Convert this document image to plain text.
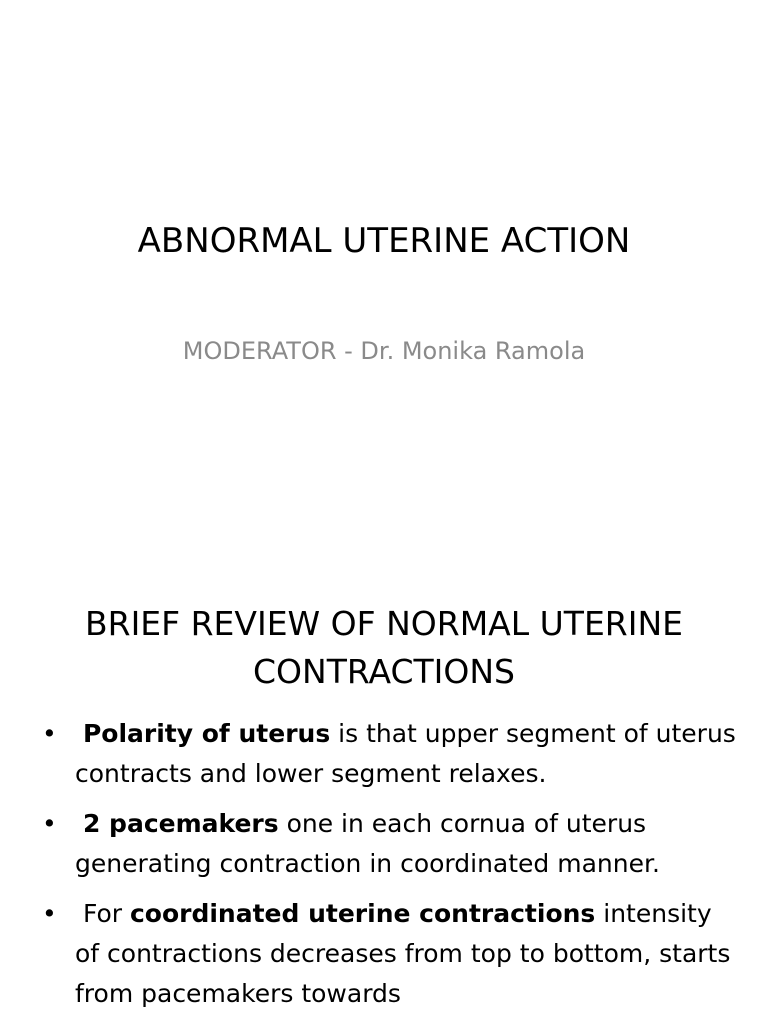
ABNORMAL UTERINE ACTION
MODERATOR - Dr. Monika Ramola
BRIEF REVIEW OF NORMAL UTERINE CONTRACTIONS
• Polarity of uterus is that upper segment of uterus contracts and lower segment relaxes.
• 2 pacemakers one in each cornua of uterus generating contraction in coordinated manner.
• For coordinated uterine contractions intensity of contractions decreases from top to bottom, starts from pacemakers towards
